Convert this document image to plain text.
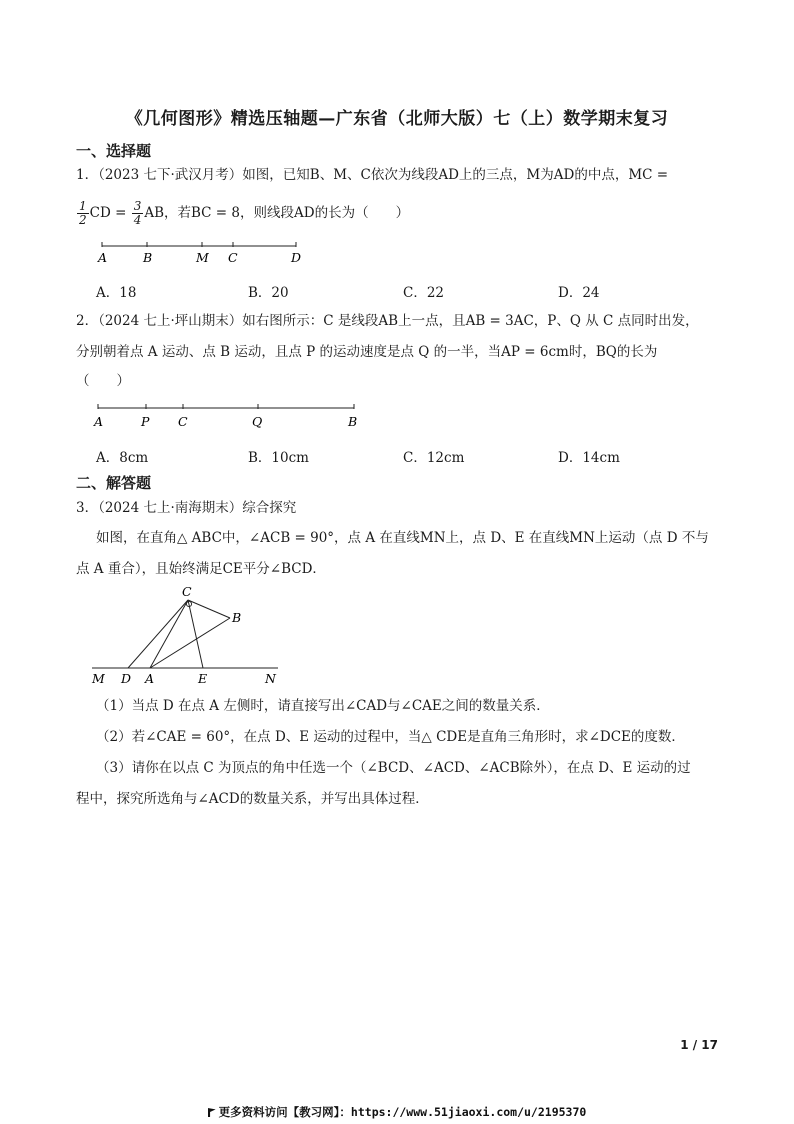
《几何图形》精选压轴题—广东省（北师大版）七（上）数学期末复习
一、选择题
1．（2023 七下·武汉月考）如图，已知B、M、C依次为线段AD上的三点，M为AD的中点，MC =
$\frac{1}{2}$ CD = $\frac{3}{4}$ AB，若BC = 8，则线段AD的长为（　　）
A	B	M C	D
A．18	B．20	C．22	D．24
2．（2024 七上·坪山期末）如右图所示：C 是线段AB上一点，且AB = 3AC，P、Q 从 C 点同时出发，
分别朝着点 A 运动、点 B 运动，且点 P 的运动速度是点 Q 的一半，当AP = 6cm时，BQ的长为
（　　）
A	P C	Q	B
A．8cm	B．10cm	C．12cm	D．14cm
二、解答题
3．（2024 七上·南海期末）综合探究
如图，在直角△ ABC中，∠ACB = 90°，点 A 在直线MN上，点 D、E 在直线MN上运动（点 D 不与
点 A 重合），且始终满足CE平分∠BCD．
C
B
M D A	E	N
（1）当点 D 在点 A 左侧时，请直接写出∠CAD与∠CAE之间的数量关系．
（2）若∠CAE = 60°，在点 D、E 运动的过程中，当△ CDE是直角三角形时，求∠DCE的度数．
（3）请你在以点 C 为顶点的角中任选一个（∠BCD、∠ACD、∠ACB除外），在点 D、E 运动的过
程中，探究所选角与∠ACD的数量关系，并写出具体过程．
1 / 17
更多资料访问【教习网】：https://www.51jiaoxi.com/u/2195370
